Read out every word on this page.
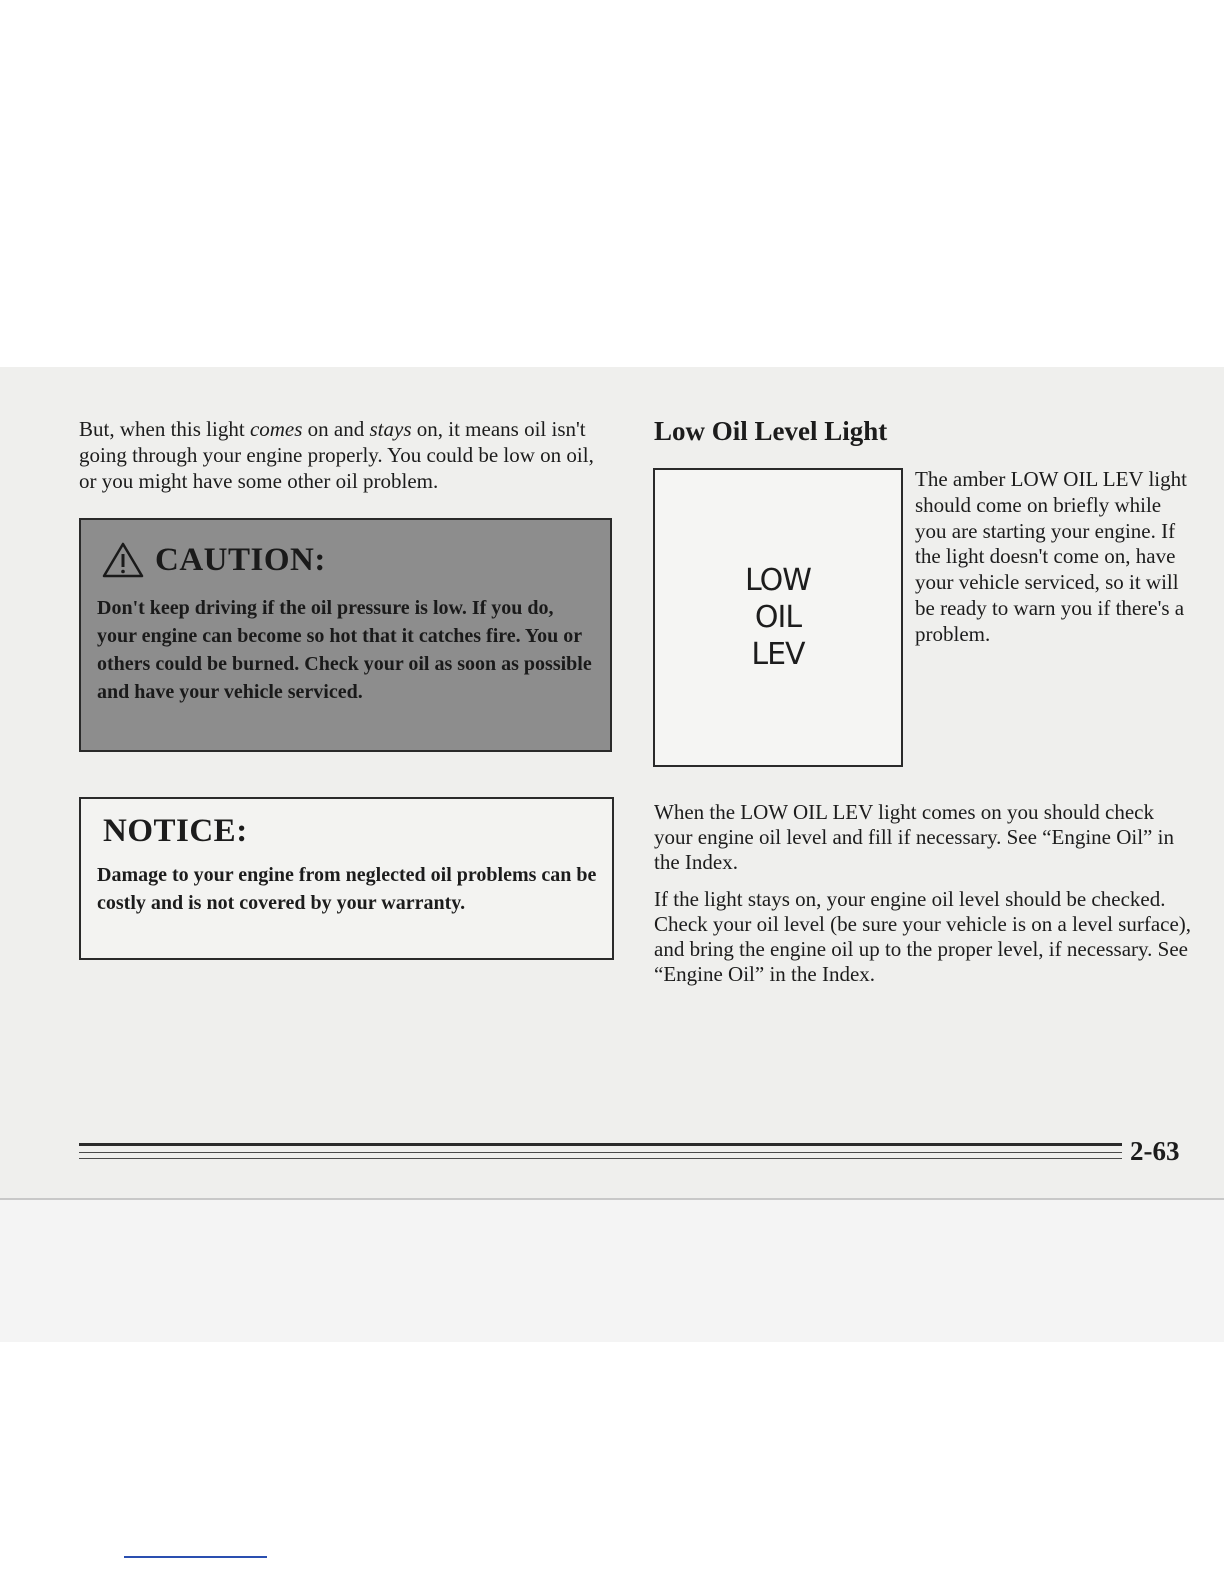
But, when this light comes on and stays on, it means oil isn't going through your engine properly. You could be low on oil, or you might have some other oil problem.

CAUTION:
Don't keep driving if the oil pressure is low. If you do, your engine can become so hot that it catches fire. You or others could be burned. Check your oil as soon as possible and have your vehicle serviced.
NOTICE:
Damage to your engine from neglected oil problems can be costly and is not covered by your warranty.
Low Oil Level Light
LOW
OIL
LEV
The amber LOW OIL LEV light should come on briefly while you are starting your engine. If the light doesn't come on, have your vehicle serviced, so it will be ready to warn you if there's a problem.

When the LOW OIL LEV light comes on you should check your engine oil level and fill if necessary. See “Engine Oil” in the Index.

If the light stays on, your engine oil level should be checked. Check your oil level (be sure your vehicle is on a level surface), and bring the engine oil up to the proper level, if necessary. See “Engine Oil” in the Index.

2-63
